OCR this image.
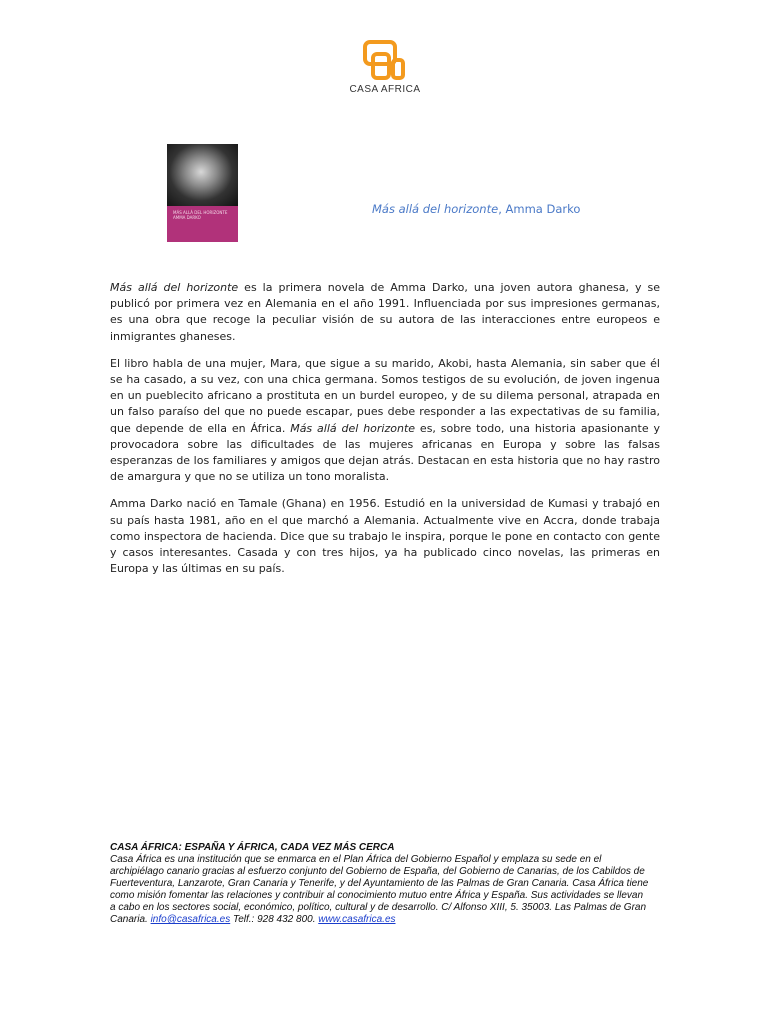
CASA AFRICA
MÁS ALLÁ DEL HORIZONTE AMMA DARKO
Más allá del horizonte, Amma Darko

Más allá del horizonte es la primera novela de Amma Darko, una joven autora ghanesa, y se publicó por primera vez en Alemania en el año 1991. Influenciada por sus impresiones germanas, es una obra que recoge la peculiar visión de su autora de las interacciones entre europeos e inmigrantes ghaneses.

El libro habla de una mujer, Mara, que sigue a su marido, Akobi, hasta Alemania, sin saber que él se ha casado, a su vez, con una chica germana. Somos testigos de su evolución, de joven ingenua en un pueblecito africano a prostituta en un burdel europeo, y de su dilema personal, atrapada en un falso paraíso del que no puede escapar, pues debe responder a las expectativas de su familia, que depende de ella en África. Más allá del horizonte es, sobre todo, una historia apasionante y provocadora sobre las dificultades de las mujeres africanas en Europa y sobre las falsas esperanzas de los familiares y amigos que dejan atrás. Destacan en esta historia que no hay rastro de amargura y que no se utiliza un tono moralista.

Amma Darko nació en Tamale (Ghana) en 1956. Estudió en la universidad de Kumasi y trabajó en su país hasta 1981, año en el que marchó a Alemania. Actualmente vive en Accra, donde trabaja como inspectora de hacienda. Dice que su trabajo le inspira, porque le pone en contacto con gente y casos interesantes. Casada y con tres hijos, ya ha publicado cinco novelas, las primeras en Europa y las últimas en su país.

CASA ÁFRICA: ESPAÑA Y ÁFRICA, CADA VEZ MÁS CERCA
Casa África es una institución que se enmarca en el Plan África del Gobierno Español y emplaza su sede en el archipiélago canario gracias al esfuerzo conjunto del Gobierno de España, del Gobierno de Canarias, de los Cabildos de Fuerteventura, Lanzarote, Gran Canaria y Tenerife, y del Ayuntamiento de las Palmas de Gran Canaria. Casa África tiene como misión fomentar las relaciones y contribuir al conocimiento mutuo entre África y España. Sus actividades se llevan a cabo en los sectores social, económico, político, cultural y de desarrollo. C/ Alfonso XIII, 5. 35003. Las Palmas de Gran Canaria. info@casafrica.es Telf.: 928 432 800. www.casafrica.es
